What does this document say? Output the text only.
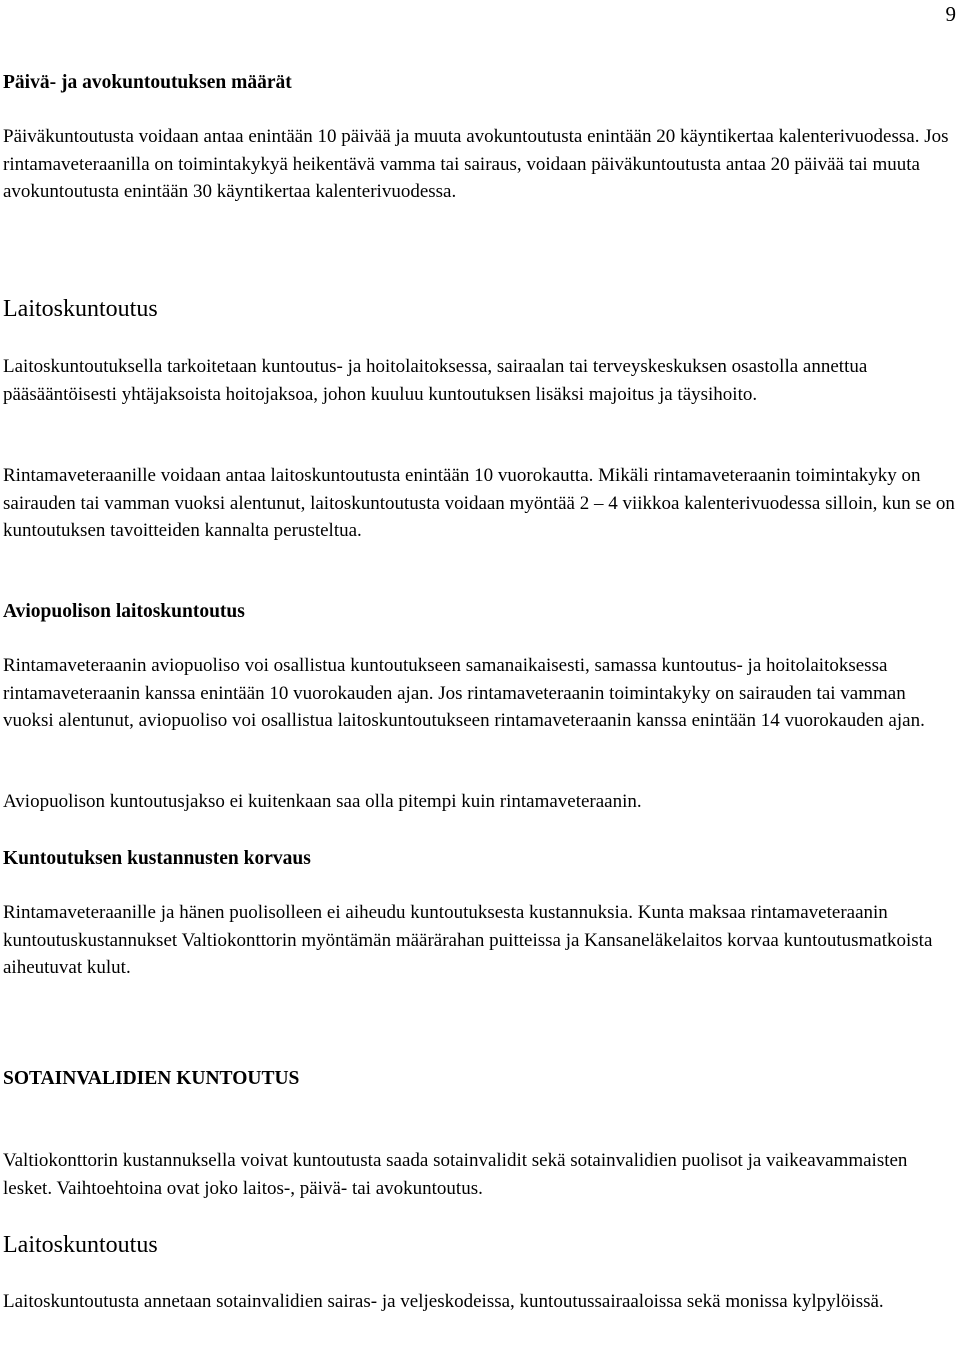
9
Päivä- ja avokuntoutuksen määrät

Päiväkuntoutusta voidaan antaa enintään 10 päivää ja muuta avokuntoutusta enintään 20 käyntikertaa kalenterivuodessa. Jos rintamaveteraanilla on toimintakykyä heikentävä vamma tai sairaus, voidaan päiväkuntoutusta antaa 20 päivää tai muuta avokuntoutusta enintään 30 käyntikertaa kalenterivuodessa.

Laitoskuntoutus

Laitoskuntoutuksella tarkoitetaan kuntoutus- ja hoitolaitoksessa, sairaalan tai terveyskeskuksen osastolla annettua pääsääntöisesti yhtäjaksoista hoitojaksoa, johon kuuluu kuntoutuksen lisäksi majoitus ja täysihoito.

Rintamaveteraanille voidaan antaa laitoskuntoutusta enintään 10 vuorokautta. Mikäli rintamaveteraanin toimintakyky on sairauden tai vamman vuoksi alentunut, laitoskuntoutusta voidaan myöntää 2 – 4 viikkoa kalenterivuodessa silloin, kun se on kuntoutuksen tavoitteiden kannalta perusteltua.

Aviopuolison laitoskuntoutus

Rintamaveteraanin aviopuoliso voi osallistua kuntoutukseen samanaikaisesti, samassa kuntoutus- ja hoitolaitoksessa rintamaveteraanin kanssa enintään 10 vuorokauden ajan. Jos rintamaveteraanin toimintakyky on sairauden tai vamman vuoksi alentunut, aviopuoliso voi osallistua laitoskuntoutukseen rintamaveteraanin kanssa enintään 14 vuorokauden ajan.

Aviopuolison kuntoutusjakso ei kuitenkaan saa olla pitempi kuin rintamaveteraanin.

Kuntoutuksen kustannusten korvaus

Rintamaveteraanille ja hänen puolisolleen ei aiheudu kuntoutuksesta kustannuksia. Kunta maksaa rintamaveteraanin kuntoutuskustannukset Valtiokonttorin myöntämän määrärahan puitteissa ja Kansaneläkelaitos korvaa kuntoutusmatkoista aiheutuvat kulut.

SOTAINVALIDIEN KUNTOUTUS

Valtiokonttorin kustannuksella voivat kuntoutusta saada sotainvalidit sekä sotainvalidien puolisot ja vaikeavammaisten lesket. Vaihtoehtoina ovat joko laitos-, päivä- tai avokuntoutus.

Laitoskuntoutus

Laitoskuntoutusta annetaan sotainvalidien sairas- ja veljeskodeissa, kuntoutussairaaloissa sekä monissa kylpylöissä.
